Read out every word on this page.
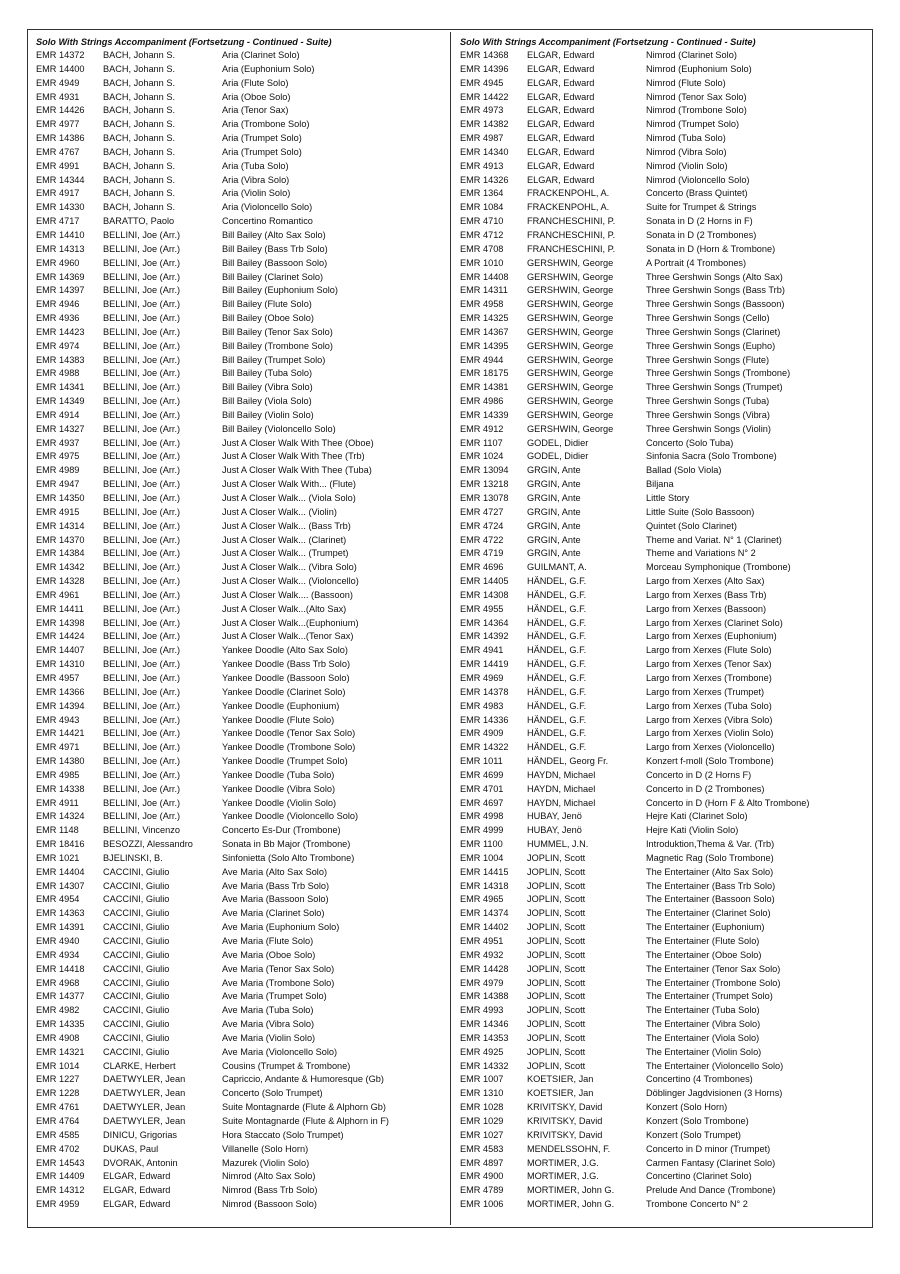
Solo With Strings Accompaniment (Fortsetzung - Continued - Suite)
EMR 14372	BACH, Johann S.	Aria (Clarinet Solo)
EMR 14400	BACH, Johann S.	Aria (Euphonium Solo)
EMR 4949	BACH, Johann S.	Aria (Flute Solo)
EMR 4931	BACH, Johann S.	Aria (Oboe Solo)
EMR 14426	BACH, Johann S.	Aria (Tenor Sax)
EMR 4977	BACH, Johann S.	Aria (Trombone Solo)
EMR 14386	BACH, Johann S.	Aria (Trumpet Solo)
EMR 4767	BACH, Johann S.	Aria (Trumpet Solo)
EMR 4991	BACH, Johann S.	Aria (Tuba Solo)
EMR 14344	BACH, Johann S.	Aria (Vibra Solo)
EMR 4917	BACH, Johann S.	Aria (Violin Solo)
EMR 14330	BACH, Johann S.	Aria (Violoncello Solo)
EMR 4717	BARATTO, Paolo	Concertino Romantico
EMR 14410	BELLINI, Joe (Arr.)	Bill Bailey (Alto Sax Solo)
EMR 14313	BELLINI, Joe (Arr.)	Bill Bailey (Bass Trb Solo)
EMR 4960	BELLINI, Joe (Arr.)	Bill Bailey (Bassoon Solo)
EMR 14369	BELLINI, Joe (Arr.)	Bill Bailey (Clarinet Solo)
EMR 14397	BELLINI, Joe (Arr.)	Bill Bailey (Euphonium Solo)
EMR 4946	BELLINI, Joe (Arr.)	Bill Bailey (Flute Solo)
EMR 4936	BELLINI, Joe (Arr.)	Bill Bailey (Oboe Solo)
EMR 14423	BELLINI, Joe (Arr.)	Bill Bailey (Tenor Sax Solo)
EMR 4974	BELLINI, Joe (Arr.)	Bill Bailey (Trombone Solo)
EMR 14383	BELLINI, Joe (Arr.)	Bill Bailey (Trumpet Solo)
EMR 4988	BELLINI, Joe (Arr.)	Bill Bailey (Tuba Solo)
EMR 14341	BELLINI, Joe (Arr.)	Bill Bailey (Vibra Solo)
EMR 14349	BELLINI, Joe (Arr.)	Bill Bailey (Viola Solo)
EMR 4914	BELLINI, Joe (Arr.)	Bill Bailey (Violin Solo)
EMR 14327	BELLINI, Joe (Arr.)	Bill Bailey (Violoncello Solo)
EMR 4937	BELLINI, Joe (Arr.)	Just A Closer Walk With Thee (Oboe)
EMR 4975	BELLINI, Joe (Arr.)	Just A Closer Walk With Thee (Trb)
EMR 4989	BELLINI, Joe (Arr.)	Just A Closer Walk With Thee (Tuba)
EMR 4947	BELLINI, Joe (Arr.)	Just A Closer Walk With... (Flute)
EMR 14350	BELLINI, Joe (Arr.)	Just A Closer Walk... (Viola Solo)
EMR 4915	BELLINI, Joe (Arr.)	Just A Closer Walk... (Violin)
EMR 14314	BELLINI, Joe (Arr.)	Just A Closer Walk... (Bass Trb)
EMR 14370	BELLINI, Joe (Arr.)	Just A Closer Walk... (Clarinet)
EMR 14384	BELLINI, Joe (Arr.)	Just A Closer Walk... (Trumpet)
EMR 14342	BELLINI, Joe (Arr.)	Just A Closer Walk... (Vibra Solo)
EMR 14328	BELLINI, Joe (Arr.)	Just A Closer Walk... (Violoncello)
EMR 4961	BELLINI, Joe (Arr.)	Just A Closer Walk.... (Bassoon)
EMR 14411	BELLINI, Joe (Arr.)	Just A Closer Walk...(Alto Sax)
EMR 14398	BELLINI, Joe (Arr.)	Just A Closer Walk...(Euphonium)
EMR 14424	BELLINI, Joe (Arr.)	Just A Closer Walk...(Tenor Sax)
EMR 14407	BELLINI, Joe (Arr.)	Yankee Doodle (Alto Sax Solo)
EMR 14310	BELLINI, Joe (Arr.)	Yankee Doodle (Bass Trb Solo)
EMR 4957	BELLINI, Joe (Arr.)	Yankee Doodle (Bassoon Solo)
EMR 14366	BELLINI, Joe (Arr.)	Yankee Doodle (Clarinet Solo)
EMR 14394	BELLINI, Joe (Arr.)	Yankee Doodle (Euphonium)
EMR 4943	BELLINI, Joe (Arr.)	Yankee Doodle (Flute Solo)
EMR 14421	BELLINI, Joe (Arr.)	Yankee Doodle (Tenor Sax Solo)
EMR 4971	BELLINI, Joe (Arr.)	Yankee Doodle (Trombone Solo)
EMR 14380	BELLINI, Joe (Arr.)	Yankee Doodle (Trumpet Solo)
EMR 4985	BELLINI, Joe (Arr.)	Yankee Doodle (Tuba Solo)
EMR 14338	BELLINI, Joe (Arr.)	Yankee Doodle (Vibra Solo)
EMR 4911	BELLINI, Joe (Arr.)	Yankee Doodle (Violin Solo)
EMR 14324	BELLINI, Joe (Arr.)	Yankee Doodle (Violoncello Solo)
EMR 1148	BELLINI, Vincenzo	Concerto Es-Dur (Trombone)
EMR 18416	BESOZZI, Alessandro	Sonata in Bb Major (Trombone)
EMR 1021	BJELINSKI, B.	Sinfonietta (Solo Alto Trombone)
EMR 14404	CACCINI, Giulio	Ave Maria (Alto Sax Solo)
EMR 14307	CACCINI, Giulio	Ave Maria (Bass Trb Solo)
EMR 4954	CACCINI, Giulio	Ave Maria (Bassoon Solo)
EMR 14363	CACCINI, Giulio	Ave Maria (Clarinet Solo)
EMR 14391	CACCINI, Giulio	Ave Maria (Euphonium Solo)
EMR 4940	CACCINI, Giulio	Ave Maria (Flute Solo)
EMR 4934	CACCINI, Giulio	Ave Maria (Oboe Solo)
EMR 14418	CACCINI, Giulio	Ave Maria (Tenor Sax Solo)
EMR 4968	CACCINI, Giulio	Ave Maria (Trombone Solo)
EMR 14377	CACCINI, Giulio	Ave Maria (Trumpet Solo)
EMR 4982	CACCINI, Giulio	Ave Maria (Tuba Solo)
EMR 14335	CACCINI, Giulio	Ave Maria (Vibra Solo)
EMR 4908	CACCINI, Giulio	Ave Maria (Violin Solo)
EMR 14321	CACCINI, Giulio	Ave Maria (Violoncello Solo)
EMR 1014	CLARKE, Herbert	Cousins (Trumpet & Trombone)
EMR 1227	DAETWYLER, Jean	Capriccio, Andante & Humoresque (Gb)
EMR 1228	DAETWYLER, Jean	Concerto (Solo Trumpet)
EMR 4761	DAETWYLER, Jean	Suite Montagnarde (Flute & Alphorn Gb)
EMR 4764	DAETWYLER, Jean	Suite Montagnarde (Flute & Alphorn in F)
EMR 4585	DINICU, Grigorias	Hora Staccato (Solo Trumpet)
EMR 4702	DUKAS, Paul	Villanelle (Solo Horn)
EMR 14543	DVORAK, Antonin	Mazurek (Violin Solo)
EMR 14409	ELGAR, Edward	Nimrod (Alto Sax Solo)
EMR 14312	ELGAR, Edward	Nimrod (Bass Trb Solo)
EMR 4959	ELGAR, Edward	Nimrod (Bassoon Solo)
Solo With Strings Accompaniment (Fortsetzung - Continued - Suite)
EMR 14368	ELGAR, Edward	Nimrod (Clarinet Solo)
EMR 14396	ELGAR, Edward	Nimrod (Euphonium Solo)
EMR 4945	ELGAR, Edward	Nimrod (Flute Solo)
EMR 14422	ELGAR, Edward	Nimrod (Tenor Sax Solo)
EMR 4973	ELGAR, Edward	Nimrod (Trombone Solo)
EMR 14382	ELGAR, Edward	Nimrod (Trumpet Solo)
EMR 4987	ELGAR, Edward	Nimrod (Tuba Solo)
EMR 14340	ELGAR, Edward	Nimrod (Vibra Solo)
EMR 4913	ELGAR, Edward	Nimrod (Violin Solo)
EMR 14326	ELGAR, Edward	Nimrod (Violoncello Solo)
EMR 1364	FRACKENPOHL, A.	Concerto (Brass Quintet)
EMR 1084	FRACKENPOHL, A.	Suite for Trumpet & Strings
EMR 4710	FRANCHESCHINI, P.	Sonata in D (2 Horns in F)
EMR 4712	FRANCHESCHINI, P.	Sonata in D (2 Trombones)
EMR 4708	FRANCHESCHINI, P.	Sonata in D (Horn & Trombone)
EMR 1010	GERSHWIN, George	A Portrait (4 Trombones)
EMR 14408	GERSHWIN, George	Three Gershwin Songs (Alto Sax)
EMR 14311	GERSHWIN, George	Three Gershwin Songs (Bass Trb)
EMR 4958	GERSHWIN, George	Three Gershwin Songs (Bassoon)
EMR 14325	GERSHWIN, George	Three Gershwin Songs (Cello)
EMR 14367	GERSHWIN, George	Three Gershwin Songs (Clarinet)
EMR 14395	GERSHWIN, George	Three Gershwin Songs (Eupho)
EMR 4944	GERSHWIN, George	Three Gershwin Songs (Flute)
EMR 18175	GERSHWIN, George	Three Gershwin Songs (Trombone)
EMR 14381	GERSHWIN, George	Three Gershwin Songs (Trumpet)
EMR 4986	GERSHWIN, George	Three Gershwin Songs (Tuba)
EMR 14339	GERSHWIN, George	Three Gershwin Songs (Vibra)
EMR 4912	GERSHWIN, George	Three Gershwin Songs (Violin)
EMR 1107	GODEL, Didier	Concerto (Solo Tuba)
EMR 1024	GODEL, Didier	Sinfonia Sacra (Solo Trombone)
EMR 13094	GRGIN, Ante	Ballad (Solo Viola)
EMR 13218	GRGIN, Ante	Biljana
EMR 13078	GRGIN, Ante	Little Story
EMR 4727	GRGIN, Ante	Little Suite (Solo Bassoon)
EMR 4724	GRGIN, Ante	Quintet (Solo Clarinet)
EMR 4722	GRGIN, Ante	Theme and Variat. N° 1 (Clarinet)
EMR 4719	GRGIN, Ante	Theme and Variations N° 2
EMR 4696	GUILMANT, A.	Morceau Symphonique (Trombone)
EMR 14405	HÄNDEL, G.F.	Largo from Xerxes (Alto Sax)
EMR 14308	HÄNDEL, G.F.	Largo from Xerxes (Bass Trb)
EMR 4955	HÄNDEL, G.F.	Largo from Xerxes (Bassoon)
EMR 14364	HÄNDEL, G.F.	Largo from Xerxes (Clarinet Solo)
EMR 14392	HÄNDEL, G.F.	Largo from Xerxes (Euphonium)
EMR 4941	HÄNDEL, G.F.	Largo from Xerxes (Flute Solo)
EMR 14419	HÄNDEL, G.F.	Largo from Xerxes (Tenor Sax)
EMR 4969	HÄNDEL, G.F.	Largo from Xerxes (Trombone)
EMR 14378	HÄNDEL, G.F.	Largo from Xerxes (Trumpet)
EMR 4983	HÄNDEL, G.F.	Largo from Xerxes (Tuba Solo)
EMR 14336	HÄNDEL, G.F.	Largo from Xerxes (Vibra Solo)
EMR 4909	HÄNDEL, G.F.	Largo from Xerxes (Violin Solo)
EMR 14322	HÄNDEL, G.F.	Largo from Xerxes (Violoncello)
EMR 1011	HÄNDEL, Georg Fr.	Konzert f-moll (Solo Trombone)
EMR 4699	HAYDN, Michael	Concerto in D (2 Horns F)
EMR 4701	HAYDN, Michael	Concerto in D (2 Trombones)
EMR 4697	HAYDN, Michael	Concerto in D (Horn F & Alto Trombone)
EMR 4998	HUBAY, Jenö	Hejre Kati (Clarinet Solo)
EMR 4999	HUBAY, Jenö	Hejre Kati (Violin Solo)
EMR 1100	HUMMEL, J.N.	Introduktion,Thema & Var. (Trb)
EMR 1004	JOPLIN, Scott	Magnetic Rag (Solo Trombone)
EMR 14415	JOPLIN, Scott	The Entertainer (Alto Sax Solo)
EMR 14318	JOPLIN, Scott	The Entertainer (Bass Trb Solo)
EMR 4965	JOPLIN, Scott	The Entertainer (Bassoon Solo)
EMR 14374	JOPLIN, Scott	The Entertainer (Clarinet Solo)
EMR 14402	JOPLIN, Scott	The Entertainer (Euphonium)
EMR 4951	JOPLIN, Scott	The Entertainer (Flute Solo)
EMR 4932	JOPLIN, Scott	The Entertainer (Oboe Solo)
EMR 14428	JOPLIN, Scott	The Entertainer (Tenor Sax Solo)
EMR 4979	JOPLIN, Scott	The Entertainer (Trombone Solo)
EMR 14388	JOPLIN, Scott	The Entertainer (Trumpet Solo)
EMR 4993	JOPLIN, Scott	The Entertainer (Tuba Solo)
EMR 14346	JOPLIN, Scott	The Entertainer (Vibra Solo)
EMR 14353	JOPLIN, Scott	The Entertainer (Viola Solo)
EMR 4925	JOPLIN, Scott	The Entertainer (Violin Solo)
EMR 14332	JOPLIN, Scott	The Entertainer (Violoncello Solo)
EMR 1007	KOETSIER, Jan	Concertino (4 Trombones)
EMR 1310	KOETSIER, Jan	Döblinger Jagdvisionen (3 Horns)
EMR 1028	KRIVITSKY, David	Konzert (Solo Horn)
EMR 1029	KRIVITSKY, David	Konzert (Solo Trombone)
EMR 1027	KRIVITSKY, David	Konzert (Solo Trumpet)
EMR 4583	MENDELSSOHN, F.	Concerto in D minor (Trumpet)
EMR 4897	MORTIMER, J.G.	Carmen Fantasy (Clarinet Solo)
EMR 4900	MORTIMER, J.G.	Concertino (Clarinet Solo)
EMR 4789	MORTIMER, John G.	Prelude And Dance (Trombone)
EMR 1006	MORTIMER, John G.	Trombone Concerto N° 2
